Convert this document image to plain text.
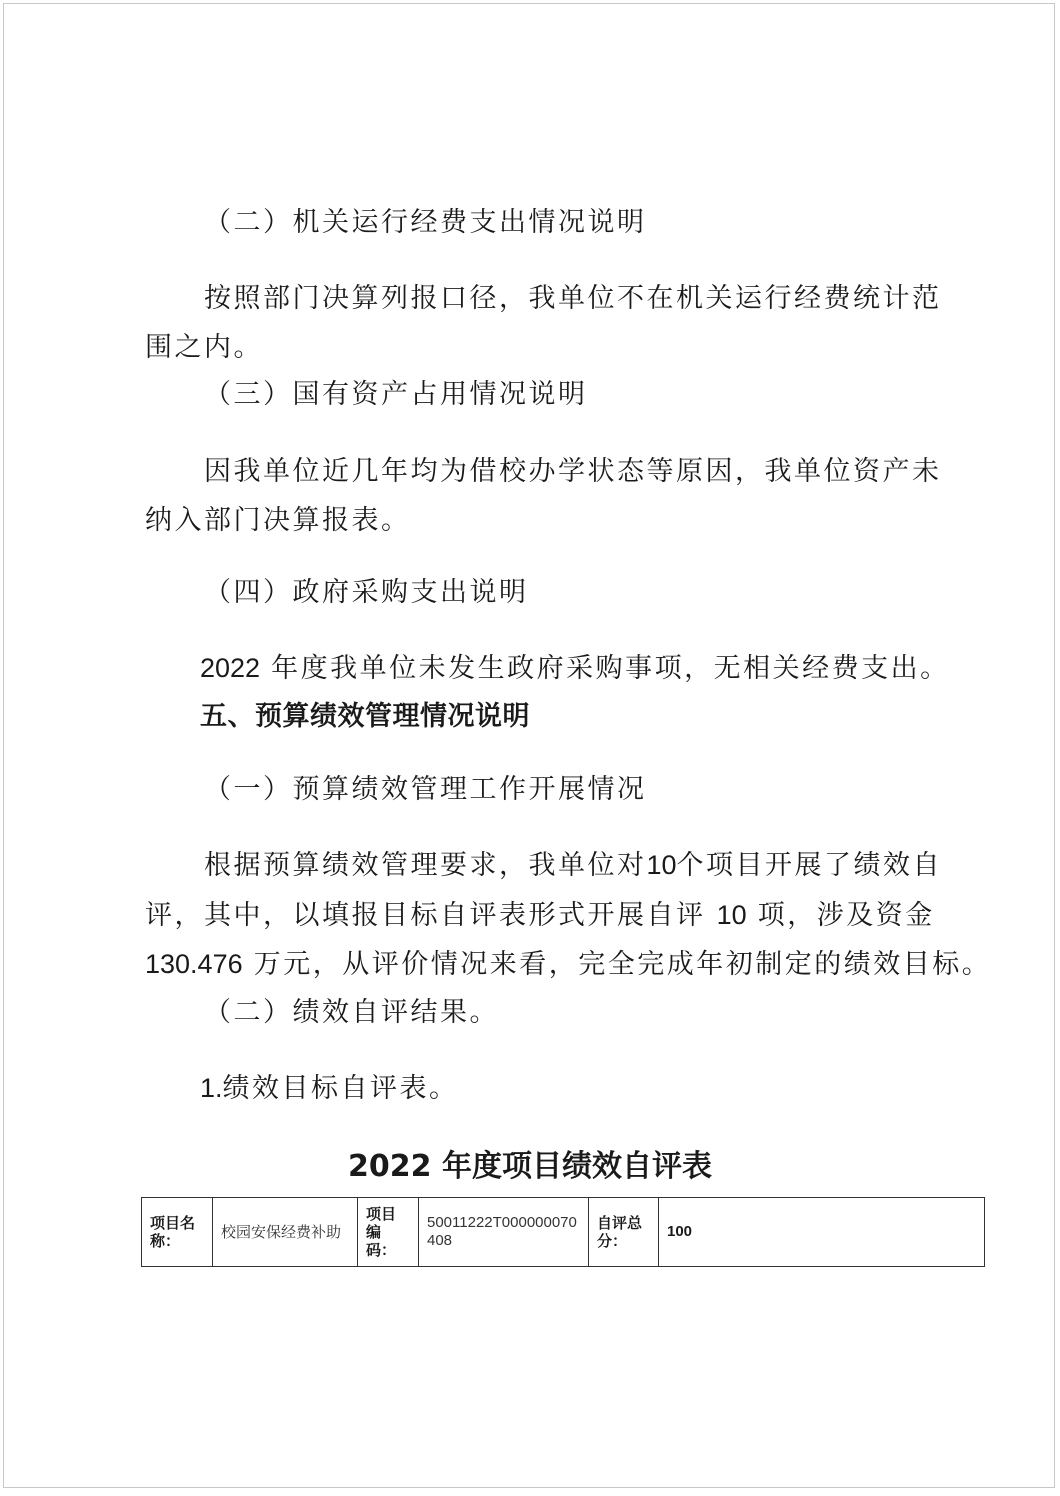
（二）机关运行经费支出情况说明
按照部门决算列报口径，我单位不在机关运行经费统计范
围之内。
（三）国有资产占用情况说明
因我单位近几年均为借校办学状态等原因，我单位资产未
纳入部门决算报表。
（四）政府采购支出说明
2022 年度我单位未发生政府采购事项，无相关经费支出。
五、预算绩效管理情况说明
（一）预算绩效管理工作开展情况
根据预算绩效管理要求，我单位对10个项目开展了绩效自
评，其中，以填报目标自评表形式开展自评 10 项，涉及资金
130.476 万元，从评价情况来看，完全完成年初制定的绩效目标。
（二）绩效自评结果。
1.绩效目标自评表。
2022 年度项目绩效自评表
项目名称：	校园安保经费补助	项目编码：	50011222T000000070408	自评总分：	100
